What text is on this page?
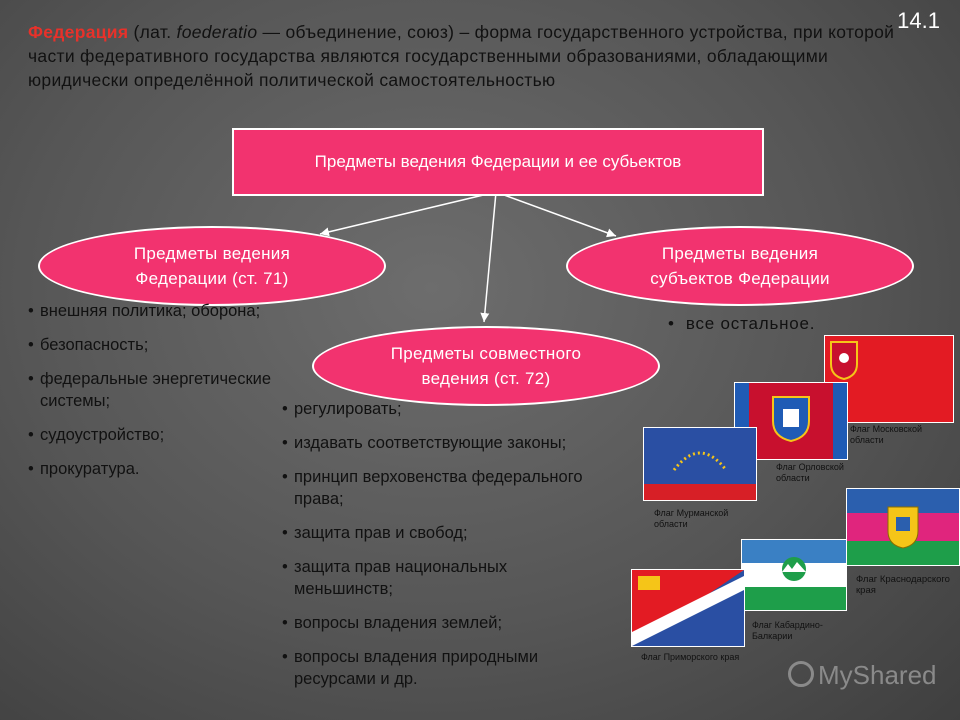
14.1
Федерация (лат. foederatio — объединение, союз) – форма государственного устройства, при которой части федеративного государства являются государственными образованиями, обладающими юридически определённой политической самостоятельностью
Предметы ведения Федерации и ее субьектов
Предметы ведения
Федерации (ст. 71)
Предметы ведения
субъектов Федерации
Предметы совместного
ведения (ст. 72)
• внешняя политика; оборона;
• безопасность;
• федеральные энергетические системы;
• судоустройство;
• прокуратура.
• регулировать;
• издавать соответствующие законы;
• принцип верховенства федерального права;
• защита прав и свобод;
• защита прав национальных меньшинств;
• вопросы владения землей;
• вопросы владения природными ресурсами и др.
•  все остальное.
Флаг Московской области
Флаг Орловской области
Флаг Мурманской области
Флаг Краснодарского края
Флаг Кабардино-Балкарии
Флаг Приморского края
MyShared
